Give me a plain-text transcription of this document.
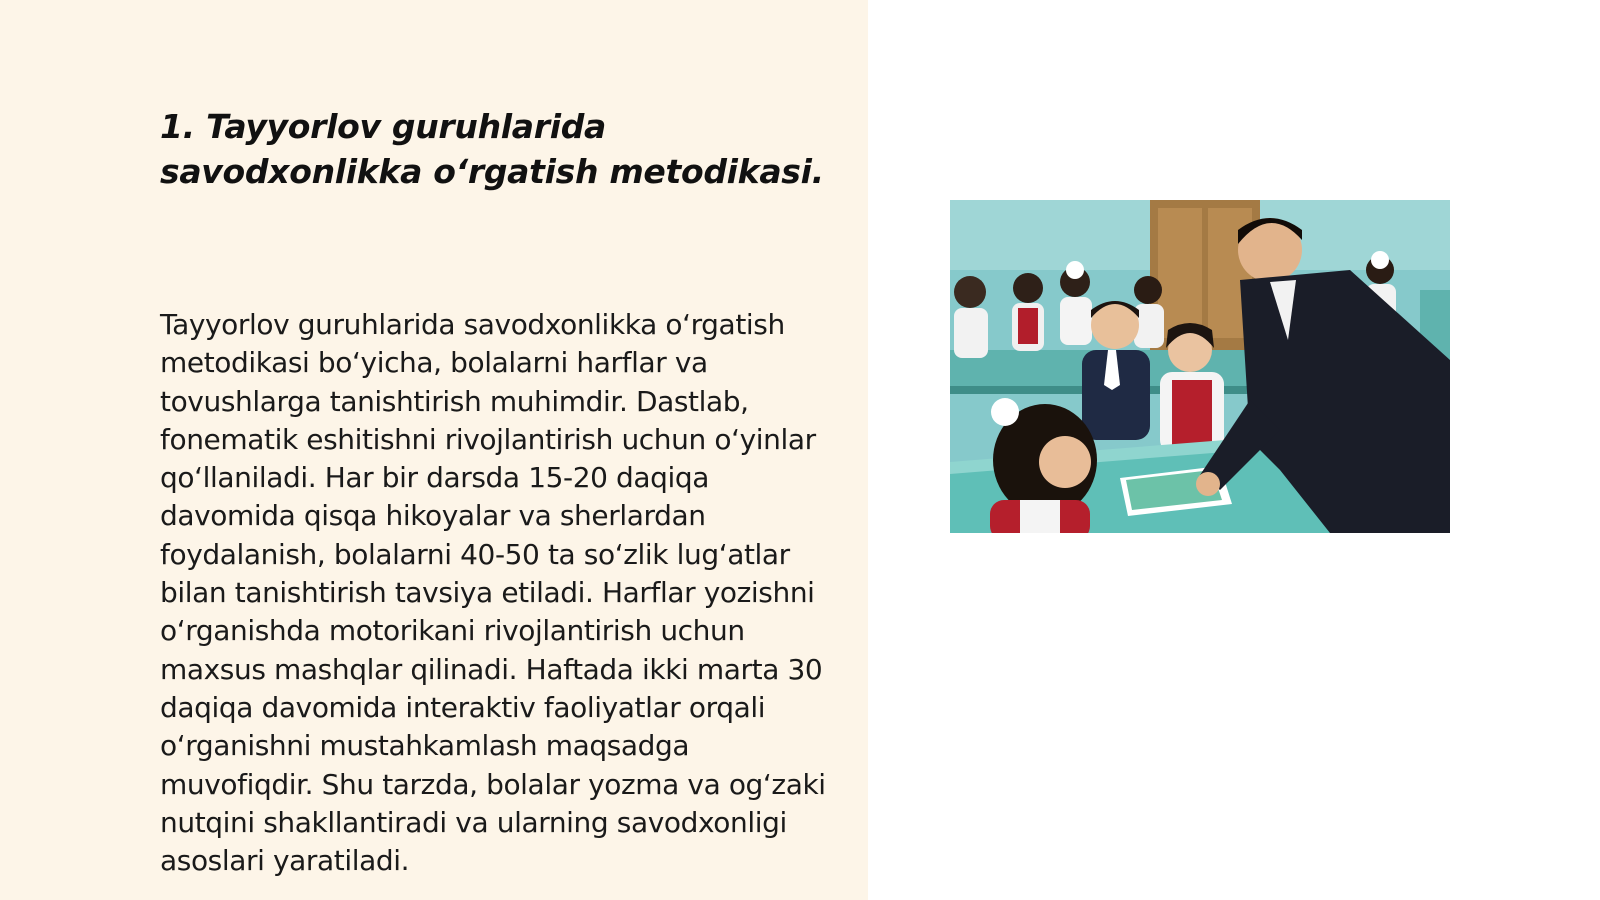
1. Tayyorlov guruhlarida savodxonlikka o‘rgatish metodikasi.

Tayyorlov guruhlarida savodxonlikka o‘rgatish metodikasi bo‘yicha, bolalarni harflar va tovushlarga tanishtirish muhimdir. Dastlab, fonematik eshitishni rivojlantirish uchun o‘yinlar qo‘llaniladi. Har bir darsda 15-20 daqiqa davomida qisqa hikoyalar va sherlardan foydalanish, bolalarni 40-50 ta so‘zlik lug‘atlar bilan tanishtirish tavsiya etiladi. Harflar yozishni o‘rganishda motorikani rivojlantirish uchun maxsus mashqlar qilinadi. Haftada ikki marta 30 daqiqa davomida interaktiv faoliyatlar orqali o‘rganishni mustahkamlash maqsadga muvofiqdir. Shu tarzda, bolalar yozma va og‘zaki nutqini shakllantiradi va ularning savodxonligi asoslari yaratiladi.
